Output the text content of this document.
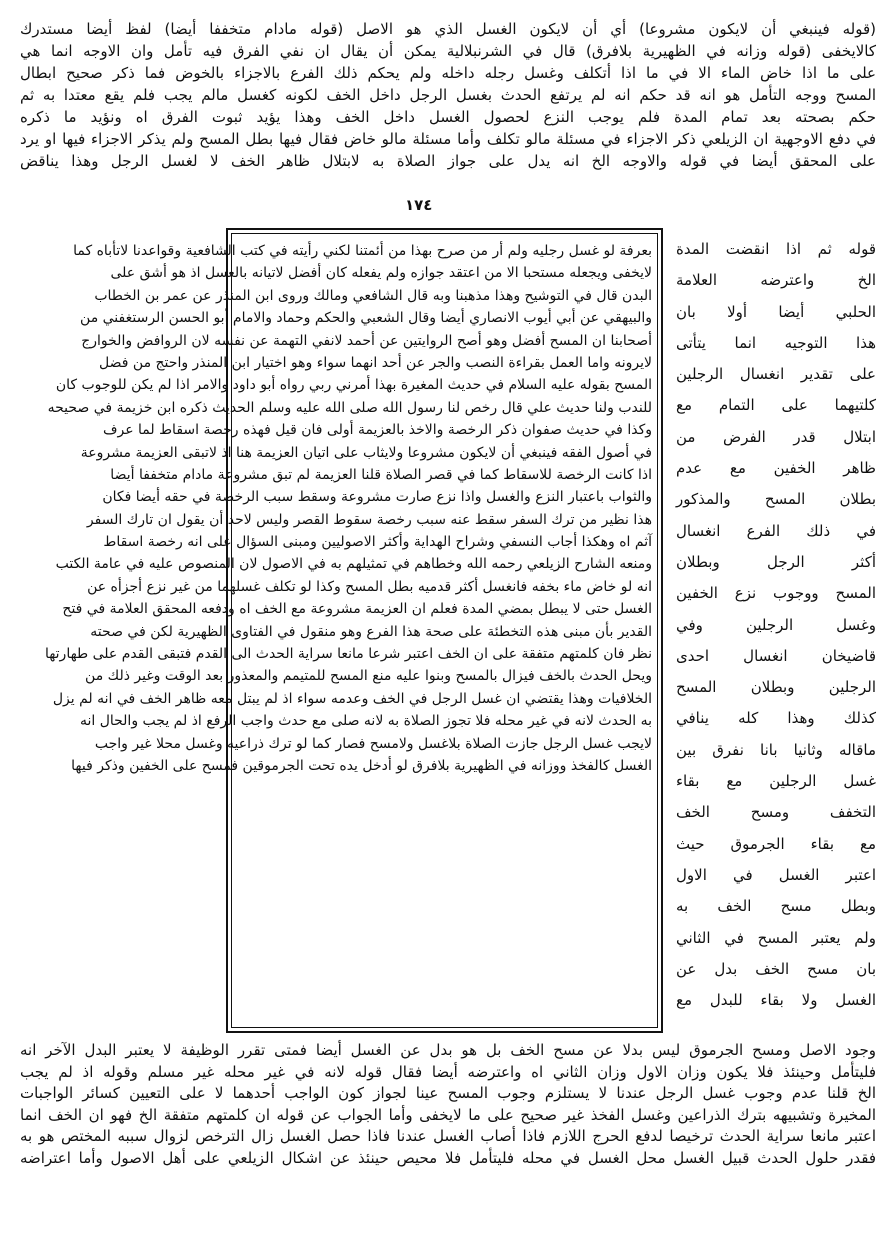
(قوله فينبغي أن لايكون مشروعا) أي أن لايكون الغسل الذي هو الاصل (قوله مادام متخففا أيضا) لفظ أيضا مستدرك
كالايخفى (قوله وزانه في الظهيرية بلافرق) قال في الشرنبلالية يمكن أن يقال ان نفي الفرق فيه تأمل وان الاوجه انما هي
على ما اذا خاض الماء الا في ما اذا أتكلف وغسل رجله داخله ولم يحكم ذلك الفرع بالاجزاء بالخوض فما ذكر صحيح ابطال
المسح ووجه التأمل هو انه قد حكم انه لم يرتفع الحدث بغسل الرجل داخل الخف لكونه كغسل مالم يجب فلم يقع معتدا به ثم
حكم بصحته بعد تمام المدة فلم يوجب النزع لحصول الغسل داخل الخف وهذا يؤيد ثبوت الفرق اه ونؤيد ما ذكره
في دفع الاوجهية ان الزيلعي ذكر الاجزاء في مسئلة مالو تكلف وأما مسئلة مالو خاض فقال فيها بطل المسح ولم يذكر الاجزاء فيها او يرد
على المحقق أيضا في قوله والاوجه الخ انه يدل على جواز الصلاة به لابتلال ظاهر الخف لا لغسل الرجل وهذا يناقض
١٧٤
بعرفة لو غسل رجليه ولم أر من صرح بهذا من أئمتنا لكني رأيته في كتب الشافعية وقواعدنا لاتأباه كما
لايخفى ويجعله مستحبا الا من اعتقد جوازه ولم يفعله كان أفضل لاتيانه بالغسل اذ هو أشق على
البدن قال في التوشيح وهذا مذهبنا وبه قال الشافعي ومالك وروى ابن المنذر عن عمر بن الخطاب
والبيهقي عن أبي أيوب الانصاري أيضا وقال الشعبي والحكم وحماد والامام أبو الحسن الرستغفني من
أصحابنا ان المسح أفضل وهو أصح الروايتين عن أحمد لانفي التهمة عن نفسه لان الروافض والخوارج
لايرونه واما العمل بقراءة النصب والجر عن أحد انهما سواء وهو اختيار ابن المنذر واحتج من فضل
المسح بقوله عليه السلام في حديث المغيرة بهذا أمرني ربي رواه أبو داود والامر اذا لم يكن للوجوب كان
للندب ولنا حديث علي قال رخص لنا رسول الله صلى الله عليه وسلم الحديث ذكره ابن خزيمة في صحيحه
وكذا في حديث صفوان ذكر الرخصة والاخذ بالعزيمة أولى فان قيل فهذه رخصة اسقاط لما عرف
في أصول الفقه فينبغي أن لايكون مشروعا ولايثاب على اتيان العزيمة هنا اذ لاتبقى العزيمة مشروعة
اذا كانت الرخصة للاسقاط كما في قصر الصلاة قلنا العزيمة لم تبق مشروعة مادام متخففا أيضا
والثواب باعتبار النزع والغسل واذا نزع صارت مشروعة وسقط سبب الرخصة في حقه أيضا فكان
هذا نظير من ترك السفر سقط عنه سبب رخصة سقوط القصر وليس لاحد أن يقول ان تارك السفر
آثم اه وهكذا أجاب النسفي وشراح الهداية وأكثر الاصوليين ومبنى السؤال على انه رخصة اسقاط
ومنعه الشارح الزيلعي رحمه الله وخطاهم في تمثيلهم به في الاصول لان المنصوص عليه في عامة الكتب
انه لو خاض ماء بخفه فانغسل أكثر قدميه بطل المسح وكذا لو تكلف غسلهما من غير نزع أجزأه عن
الغسل حتى لا يبطل بمضي المدة فعلم ان العزيمة مشروعة مع الخف اه ودفعه المحقق العلامة في فتح
القدير بأن مبنى هذه التخطئة على صحة هذا الفرع وهو منقول في الفتاوى الظهيرية لكن في صحته
نظر فان كلمتهم متفقة على ان الخف اعتبر شرعا مانعا سراية الحدث الى القدم فتبقى القدم على طهارتها
ويحل الحدث بالخف فيزال بالمسح وبنوا عليه منع المسح للمتيمم والمعذور بعد الوقت وغير ذلك من
الخلافيات وهذا يقتضي ان غسل الرجل في الخف وعدمه سواء اذ لم يبتل معه ظاهر الخف في انه لم يزل
به الحدث لانه في غير محله فلا تجوز الصلاة به لانه صلى مع حدث واجب الرفع اذ لم يجب والحال انه
لايجب غسل الرجل جازت الصلاة بلاغسل ولامسح فصار كما لو ترك ذراعيه وغسل محلا غير واجب
الغسل كالفخذ ووزانه في الظهيرية بلافرق لو أدخل يده تحت الجرموقين فمسح على الخفين وذكر فيها
قوله ثم اذا انقضت المدة
الخ واعترضه العلامة
الحلبي أيضا أولا بان
هذا التوجيه انما يتأتى
على تقدير انغسال الرجلين
كلتيهما على التمام مع
ابتلال قدر الفرض من
ظاهر الخفين مع عدم
بطلان المسح والمذكور
في ذلك الفرع انغسال
أكثر الرجل وبطلان
المسح ووجوب نزع الخفين
وغسل الرجلين وفي
قاضيخان انغسال احدى
الرجلين وبطلان المسح
كذلك وهذا كله ينافي
ماقاله وثانيا بانا نفرق بين
غسل الرجلين مع بقاء
التخفف ومسح الخف
مع بقاء الجرموق حيث
اعتبر الغسل في الاول
وبطل مسح الخف به
ولم يعتبر المسح في الثاني
بان مسح الخف بدل عن
الغسل ولا بقاء للبدل مع
وجود الاصل ومسح الجرموق ليس بدلا عن مسح الخف بل هو بدل عن الغسل أيضا فمتى تقرر الوظيفة لا يعتبر البدل الآخر انه
فليتأمل وحينئذ فلا يكون وزان الاول وزان الثاني اه واعترضه أيضا فقال قوله لانه في غير محله غير مسلم وقوله اذ لم يجب
الخ قلنا عدم وجوب غسل الرجل عندنا لا يستلزم وجوب المسح عينا لجواز كون الواجب أحدهما لا على التعيين كسائر الواجبات
المخيرة وتشبيهه بترك الذراعين وغسل الفخذ غير صحيح على ما لايخفى وأما الجواب عن قوله ان كلمتهم متفقة الخ فهو ان الخف انما
اعتبر مانعا سراية الحدث ترخيصا لدفع الحرج اللازم فاذا أصاب الغسل عندنا فاذا حصل الغسل زال الترخص لزوال سببه المختص هو به
فقدر حلول الحدث قبيل الغسل محل الغسل في محله فليتأمل فلا محيص حينئذ عن اشكال الزيلعي على أهل الاصول وأما اعتراضه
